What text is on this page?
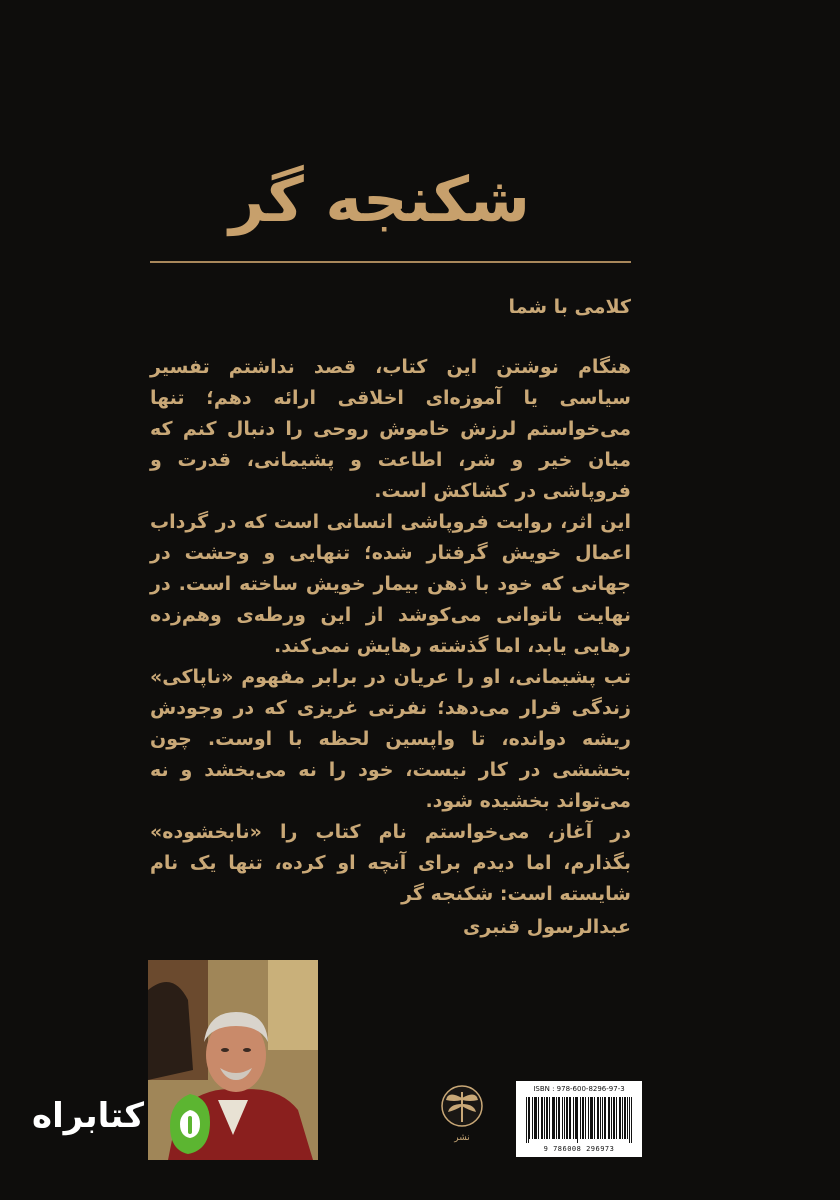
شکنجه گر
کلامی با شما
هنگام نوشتن این کتاب، قصد نداشتم تفسیر سیاسی یا آموزه‌ای اخلاقی ارائه دهم؛ تنها می‌خواستم لرزش خاموش روحی را دنبال کنم که میان خیر و شر، اطاعت و پشیمانی، قدرت و فروپاشی در کشاکش است.
این اثر، روایت فروپاشی انسانی است که در گرداب اعمال خویش گرفتار شده؛ تنهایی و وحشت در جهانی که خود با ذهن بیمار خویش ساخته است. در نهایت ناتوانی می‌کوشد از این ورطه‌ی وهم‌زده رهایی یابد، اما گذشته رهایش نمی‌کند.
تب پشیمانی، او را عریان در برابر مفهوم «ناپاکی» زندگی قرار می‌دهد؛ نفرتی غریزی که در وجودش ریشه دوانده، تا واپسین لحظه با اوست. چون بخششی در کار نیست، خود را نه می‌بخشد و نه می‌تواند بخشیده شود.
در آغاز، می‌خواستم نام کتاب را «نابخشوده» بگذارم، اما دیدم برای آنچه او کرده، تنها یک نام شایسته است: شکنجه گر
عبدالرسول قنبری
نشر
ISBN : 978-600-8296-97-3
9 786008 296973
کتابراه
